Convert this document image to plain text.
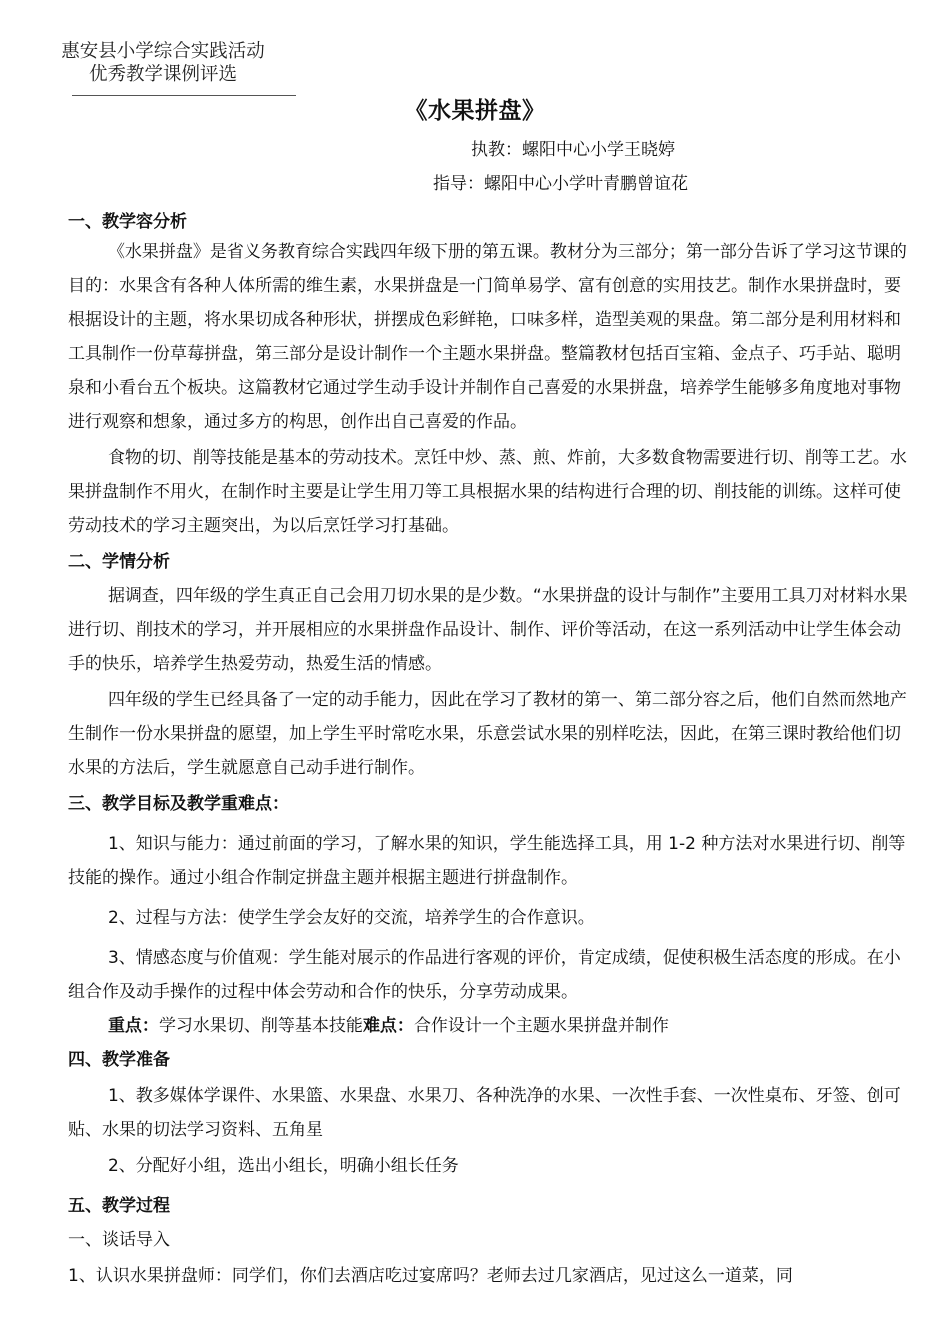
惠安县小学综合实践活动
优秀教学课例评选
《水果拼盘》
执教：螺阳中心小学王晓婷
指导：螺阳中心小学叶青鹏曾谊花

一、教学容分析

《水果拼盘》是省义务教育综合实践四年级下册的第五课。教材分为三部分；第一部分告诉了学习这节课的目的：水果含有各种人体所需的维生素，水果拼盘是一门简单易学、富有创意的实用技艺。制作水果拼盘时，要根据设计的主题，将水果切成各种形状，拼摆成色彩鲜艳，口味多样，造型美观的果盘。第二部分是利用材料和工具制作一份草莓拼盘，第三部分是设计制作一个主题水果拼盘。整篇教材包括百宝箱、金点子、巧手站、聪明泉和小看台五个板块。这篇教材它通过学生动手设计并制作自己喜爱的水果拼盘，培养学生能够多角度地对事物进行观察和想象，通过多方的构思，创作出自己喜爱的作品。

食物的切、削等技能是基本的劳动技术。烹饪中炒、蒸、煎、炸前，大多数食物需要进行切、削等工艺。水果拼盘制作不用火，在制作时主要是让学生用刀等工具根据水果的结构进行合理的切、削技能的训练。这样可使劳动技术的学习主题突出，为以后烹饪学习打基础。

二、学情分析

据调查，四年级的学生真正自己会用刀切水果的是少数。“水果拼盘的设计与制作”主要用工具刀对材料水果进行切、削技术的学习，并开展相应的水果拼盘作品设计、制作、评价等活动，在这一系列活动中让学生体会动手的快乐，培养学生热爱劳动，热爱生活的情感。

四年级的学生已经具备了一定的动手能力，因此在学习了教材的第一、第二部分容之后，他们自然而然地产生制作一份水果拼盘的愿望，加上学生平时常吃水果，乐意尝试水果的别样吃法，因此，在第三课时教给他们切水果的方法后，学生就愿意自己动手进行制作。

三、教学目标及教学重难点：

1、知识与能力：通过前面的学习，了解水果的知识，学生能选择工具，用 1-2 种方法对水果进行切、削等技能的操作。通过小组合作制定拼盘主题并根据主题进行拼盘制作。

2、过程与方法：使学生学会友好的交流，培养学生的合作意识。

3、情感态度与价值观：学生能对展示的作品进行客观的评价，肯定成绩，促使积极生活态度的形成。在小组合作及动手操作的过程中体会劳动和合作的快乐，分享劳动成果。

重点：学习水果切、削等基本技能难点：合作设计一个主题水果拼盘并制作

四、教学准备

1、教多媒体学课件、水果篮、水果盘、水果刀、各种洗净的水果、一次性手套、一次性桌布、牙签、创可贴、水果的切法学习资料、五角星

2、分配好小组，选出小组长，明确小组长任务

五、教学过程

一、谈话导入

1、认识水果拼盘师：同学们，你们去酒店吃过宴席吗？老师去过几家酒店，见过这么一道菜，同
